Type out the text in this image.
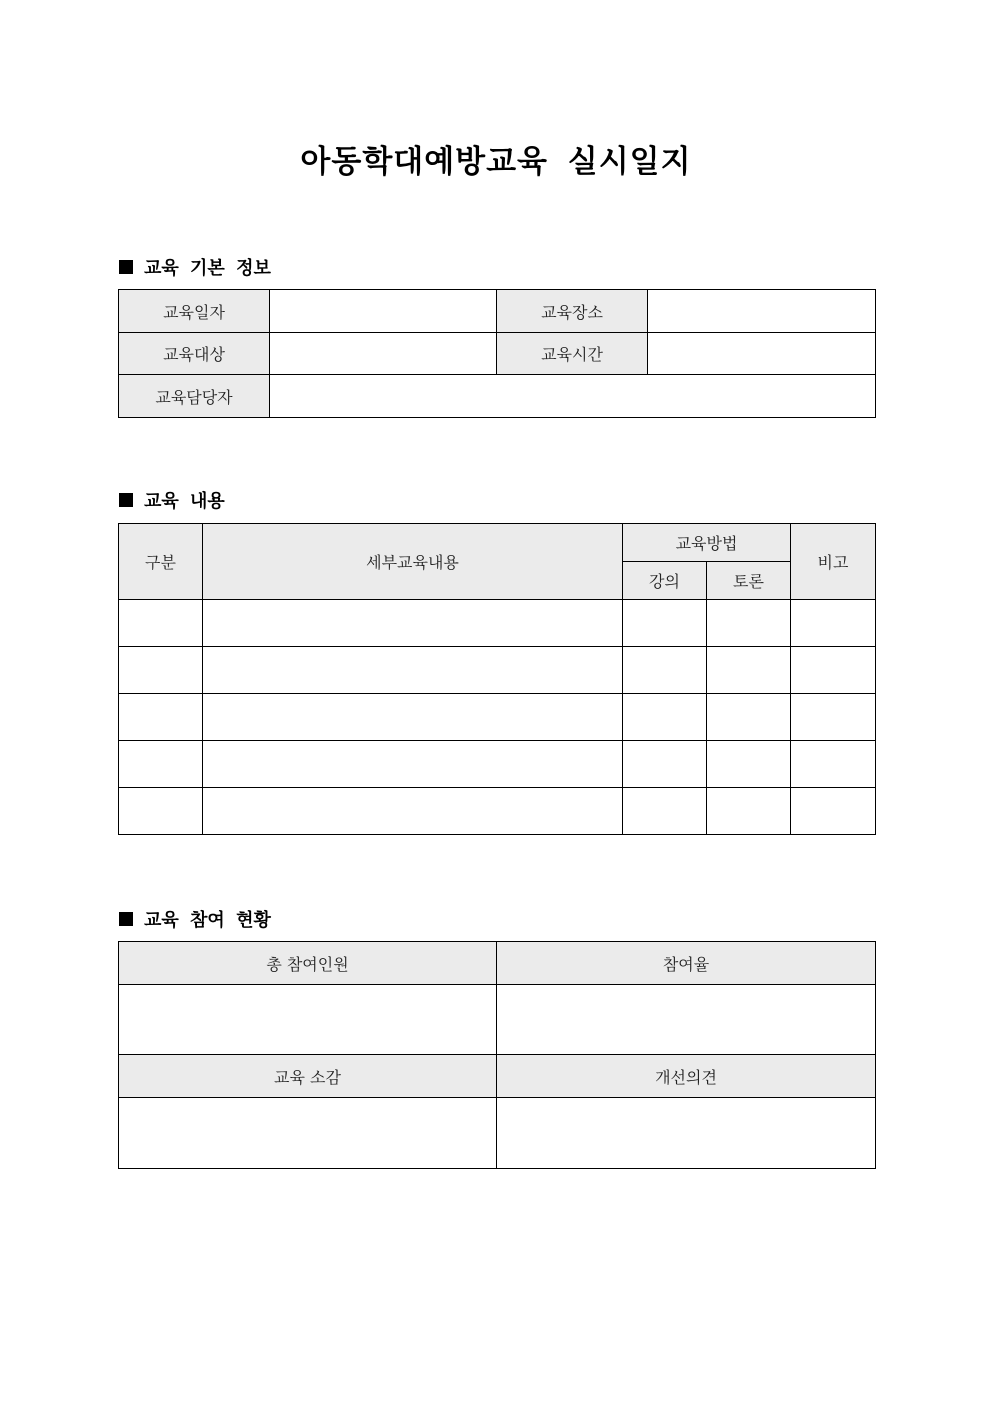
아동학대예방교육 실시일지
교육 기본 정보
교육일자		교육장소	
교육대상		교육시간	
교육담당자			
교육 내용
구분	세부교육내용	교육방법		비고
		강의	토론	

교육 참여 현황
총 참여인원	참여율

교육 소감	개선의견
